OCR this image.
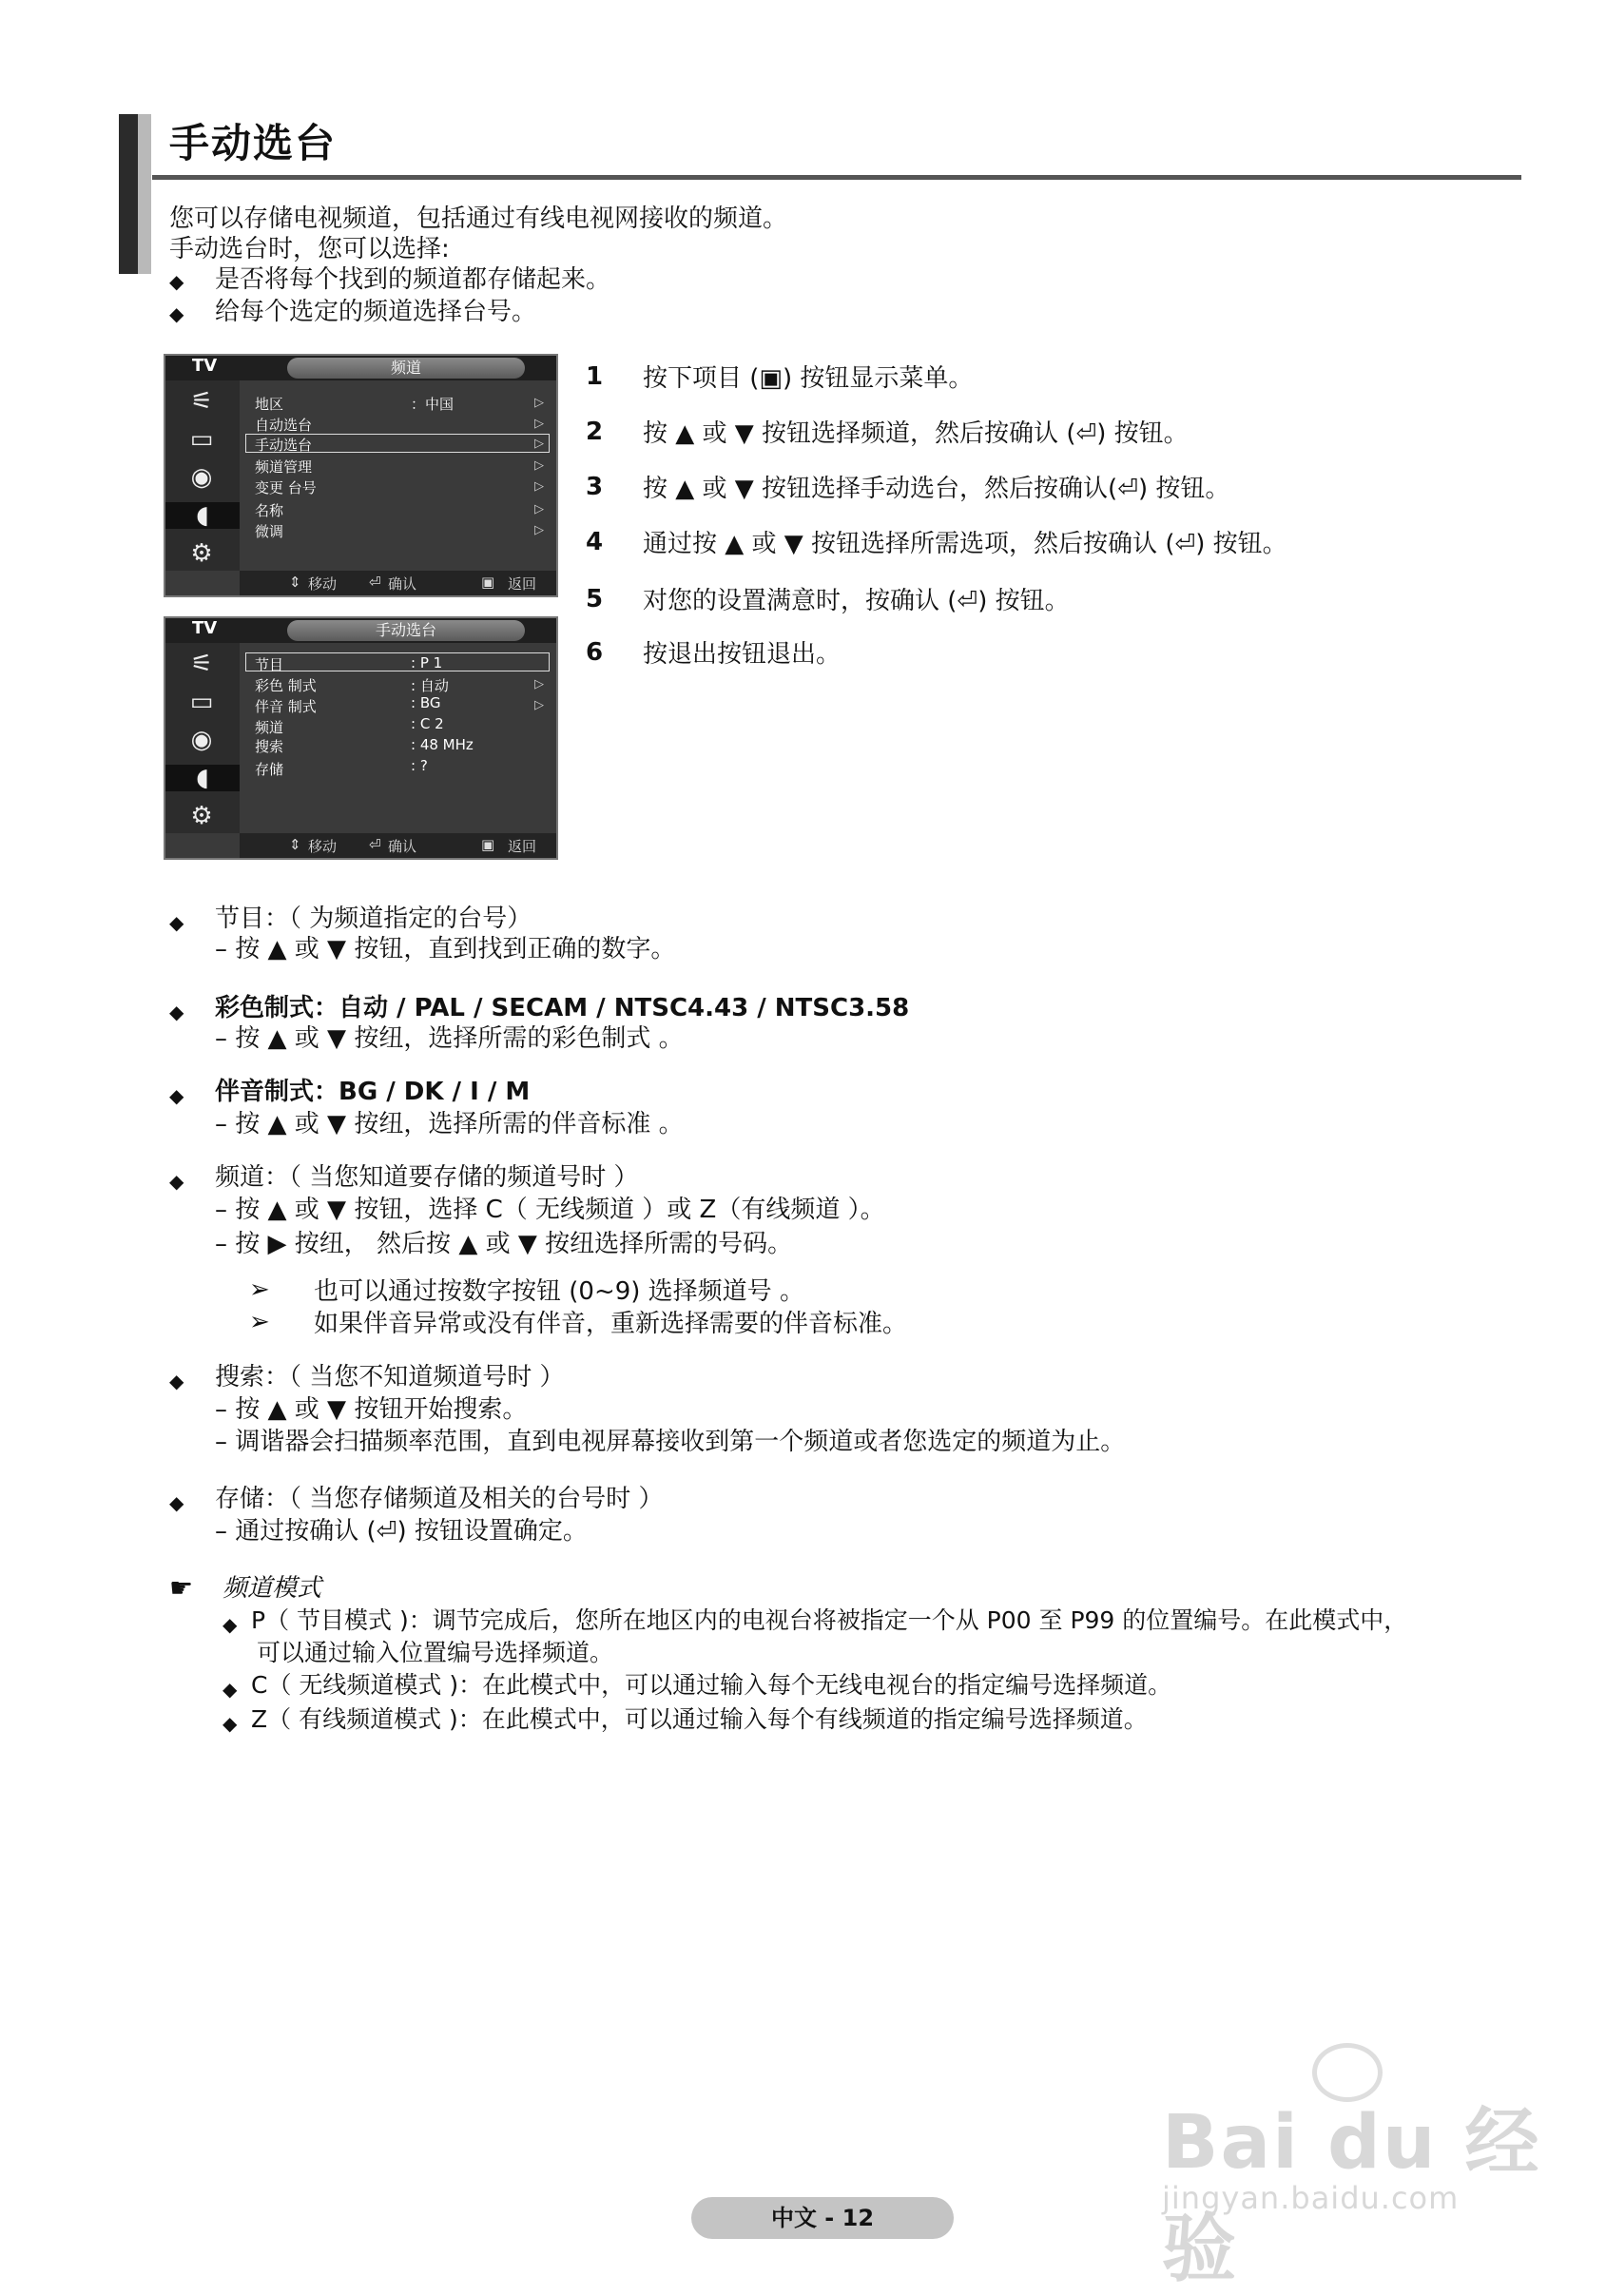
手动选台
您可以存储电视频道，包括通过有线电视网接收的频道。
手动选台时，您可以选择:
◆ 是否将每个找到的频道都存储起来。
◆ 给每个选定的频道选择台号。
TV	频道
⚟
▭
◉
◖
⚙
地区	：中国	▷
自动选台	▷
手动选台	▷
频道管理	▷
变更 台号	▷
名称	▷
微调	▷
⇕ 移动 ⏎ 确认	▣ 返回
TV	手动选台
⚟
▭
◉
◖
⚙
节目	: P 1
彩色 制式	: 自动	▷
伴音 制式	: BG	▷
频道	: C 2
搜索	: 48 MHz
存储	: ?
⇕ 移动 ⏎ 确认	▣ 返回
1 按下项目 (▣) 按钮显示菜单。
2 按 ▲ 或 ▼ 按钮选择频道，然后按确认 (⏎) 按钮。
3 按 ▲ 或 ▼ 按钮选择手动选台，然后按确认(⏎) 按钮。
4 通过按 ▲ 或 ▼ 按钮选择所需选项，然后按确认 (⏎) 按钮。
5 对您的设置满意时，按确认 (⏎) 按钮。
6 按退出按钮退出。
◆ 节目：（ 为频道指定的台号）
– 按 ▲ 或 ▼ 按钮，直到找到正确的数字。
◆ 彩色制式：自动 / PAL / SECAM / NTSC4.43 / NTSC3.58
– 按 ▲ 或 ▼ 按纽，选择所需的彩色制式 。
◆ 伴音制式：BG / DK / I / M
– 按 ▲ 或 ▼ 按纽，选择所需的伴音标准 。
◆ 频道：（ 当您知道要存储的频道号时 ）
– 按 ▲ 或 ▼ 按钮，选择 C（ 无线频道 ）或 Z（有线频道 ）。
– 按 ▶ 按纽， 然后按 ▲ 或 ▼ 按纽选择所需的号码。
➢ 也可以通过按数字按钮 (0~9) 选择频道号 。
➢ 如果伴音异常或没有伴音，重新选择需要的伴音标准。
◆ 搜索：（ 当您不知道频道号时 ）
– 按 ▲ 或 ▼ 按钮开始搜索。
– 调谐器会扫描频率范围，直到电视屏幕接收到第一个频道或者您选定的频道为止。
◆ 存储：（ 当您存储频道及相关的台号时 ）
– 通过按确认 (⏎) 按钮设置确定。
☛ 频道模式
◆ P（ 节目模式 )：调节完成后，您所在地区内的电视台将被指定一个从 P00 至 P99 的位置编号。在此模式中，
可以通过输入位置编号选择频道。
◆ C（ 无线频道模式 )：在此模式中，可以通过输入每个无线电视台的指定编号选择频道。
◆ Z（ 有线频道模式 )：在此模式中，可以通过输入每个有线频道的指定编号选择频道。
Bai du 经验
jingyan.baidu.com
中文 - 12
